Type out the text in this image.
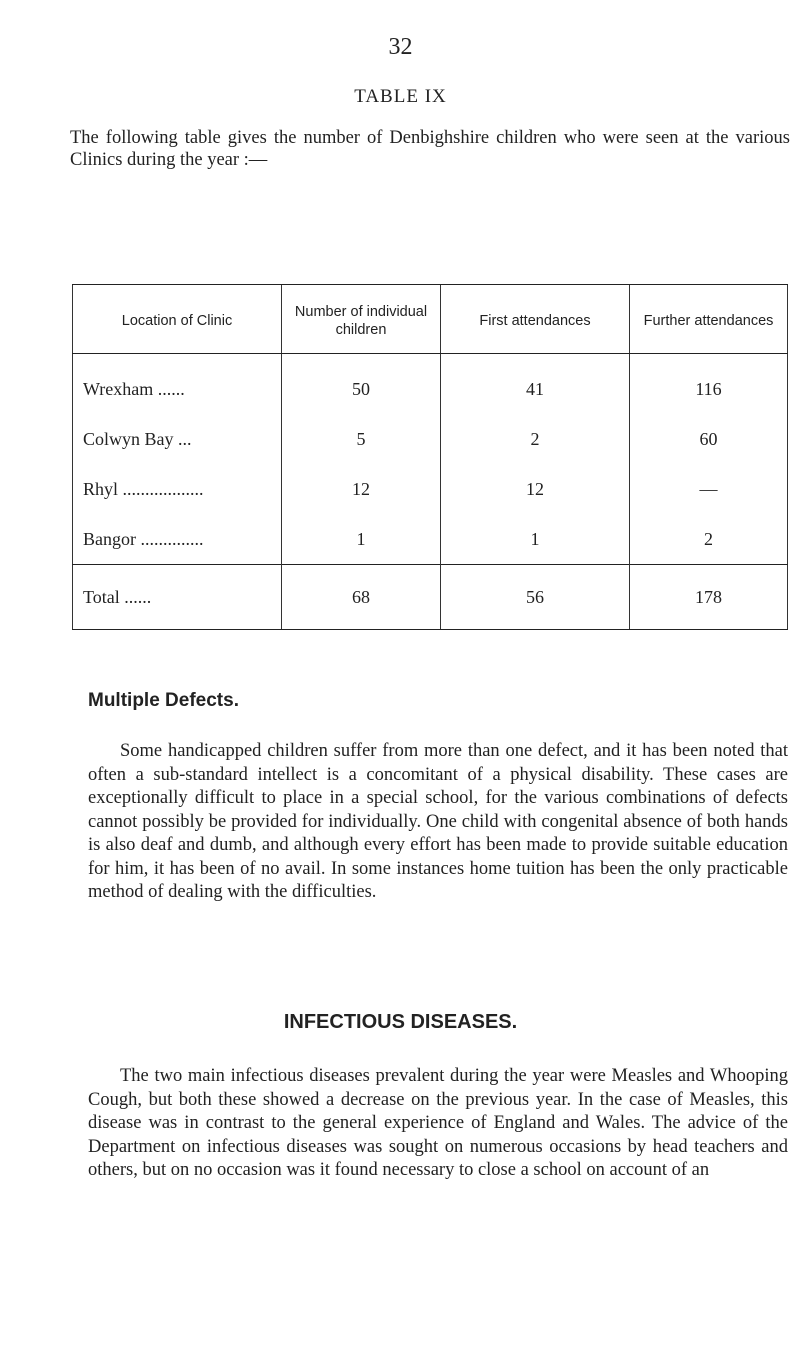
32
TABLE IX
The following table gives the number of Denbighshire children who were seen at the various Clinics during the year :—
Location of Clinic	Number of individual children	First attendances	Further attendances
Wrexham ......	50	41	116
Colwyn Bay ...	5	2	60
Rhyl ..................	12	12	—
Bangor ..............	1	1	2
Total ......	68	56	178
Multiple Defects.
Some handicapped children suffer from more than one defect, and it has been noted that often a sub-standard intellect is a concomitant of a physical disability. These cases are exceptionally difficult to place in a special school, for the various combinations of defects cannot possibly be provided for individually. One child with congenital absence of both hands is also deaf and dumb, and although every effort has been made to provide suitable education for him, it has been of no avail. In some instances home tuition has been the only practicable method of dealing with the difficulties.
INFECTIOUS DISEASES.
The two main infectious diseases prevalent during the year were Measles and Whooping Cough, but both these showed a decrease on the previous year. In the case of Measles, this disease was in contrast to the general experience of England and Wales. The advice of the Department on infectious diseases was sought on numerous occasions by head teachers and others, but on no occasion was it found necessary to close a school on account of an
